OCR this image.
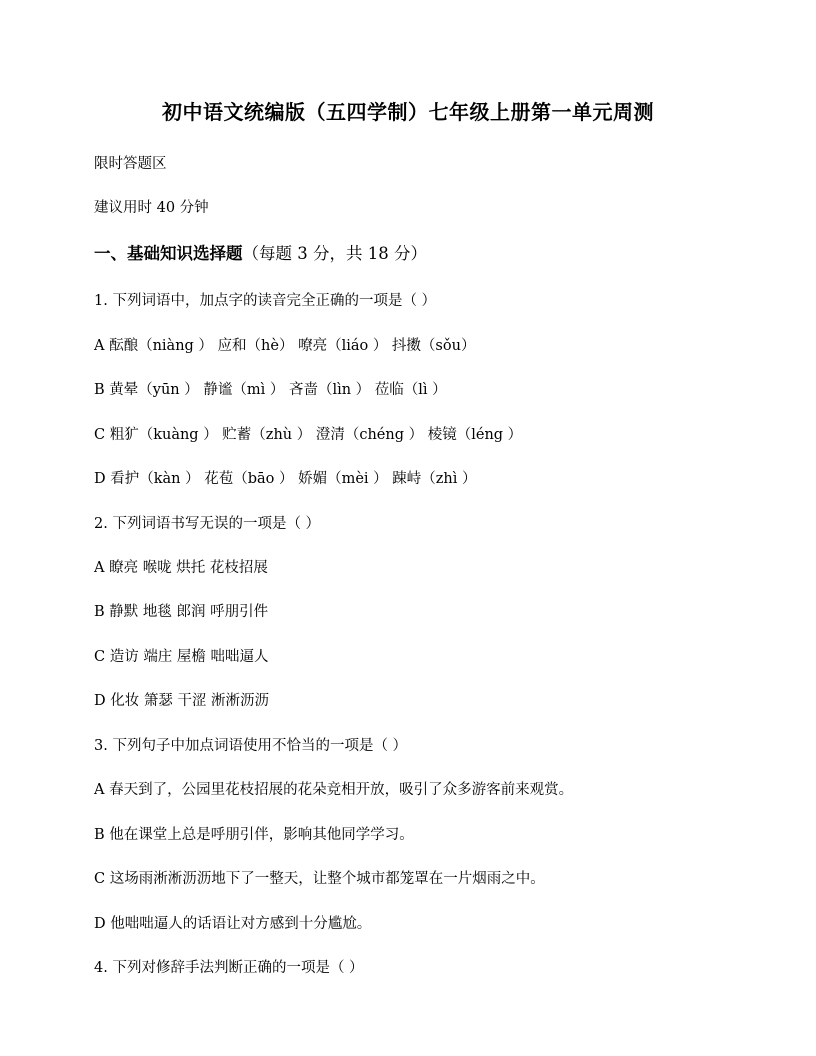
初中语文统编版（五四学制）七年级上册第一单元周测
限时答题区
建议用时 40 分钟
一、基础知识选择题（每题 3 分，共 18 分）
1. 下列词语中，加点字的读音完全正确的一项是（ ）
A 酝酿（niàng ） 应和（hè） 嘹亮（liáo ） 抖擞（sǒu）
B 黄晕（yūn ） 静谧（mì ） 吝啬（lìn ） 莅临（lì ）
C 粗犷（kuàng ） 贮蓄（zhù ） 澄清（chéng ） 棱镜（léng ）
D 看护（kàn ） 花苞（bāo ） 娇媚（mèi ） 踈峙（zhì ）
2. 下列词语书写无误的一项是（ ）
A 瞭亮 喉咙 烘托 花枝招展
B 静默 地毯 郎润 呼朋引件
C 造访 端庄 屋檐 咄咄逼人
D 化妆 箫瑟 干涩 淅淅沥沥
3. 下列句子中加点词语使用不恰当的一项是（ ）
A 春天到了，公园里花枝招展的花朵竞相开放，吸引了众多游客前来观赏。
B 他在课堂上总是呼朋引伴，影响其他同学学习。
C 这场雨淅淅沥沥地下了一整天，让整个城市都笼罩在一片烟雨之中。
D 他咄咄逼人的话语让对方感到十分尴尬。
4. 下列对修辞手法判断正确的一项是（ ）
